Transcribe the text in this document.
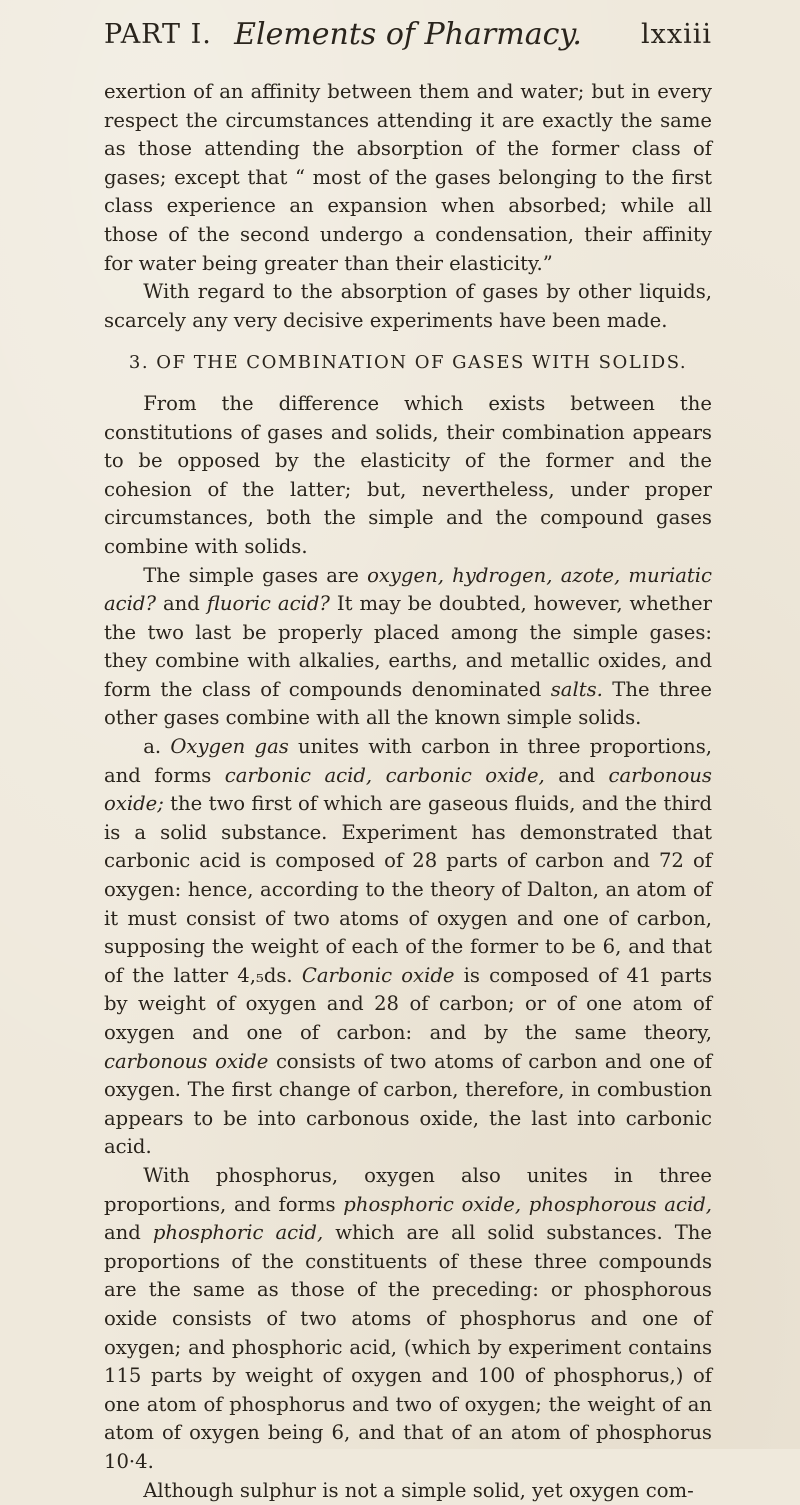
PART I. Elements of Pharmacy.	lxxiii

exertion of an affinity between them and water; but in every respect the circumstances attending it are exactly the same as those attending the absorption of the former class of gases; except that “ most of the gases belonging to the first class experience an expansion when absorbed; while all those of the second undergo a condensation, their affinity for water being greater than their elasticity.”

With regard to the absorption of gases by other liquids, scarcely any very decisive experiments have been made.

3. OF THE COMBINATION OF GASES WITH SOLIDS.

From the difference which exists between the constitutions of gases and solids, their combination appears to be opposed by the elasticity of the former and the cohesion of the latter; but, nevertheless, under proper circumstances, both the simple and the compound gases combine with solids.

The simple gases are oxygen, hydrogen, azote, muriatic acid? and fluoric acid? It may be doubted, however, whether the two last be properly placed among the simple gases: they combine with alkalies, earths, and metallic oxides, and form the class of compounds denominated salts. The three other gases combine with all the known simple solids.

a. Oxygen gas unites with carbon in three proportions, and forms carbonic acid, carbonic oxide, and carbonous oxide; the two first of which are gaseous fluids, and the third is a solid substance. Experiment has demonstrated that carbonic acid is composed of 28 parts of carbon and 72 of oxygen: hence, according to the theory of Dalton, an atom of it must consist of two atoms of oxygen and one of carbon, supposing the weight of each of the former to be 6, and that of the latter 4,₅ds. Carbonic oxide is composed of 41 parts by weight of oxygen and 28 of carbon; or of one atom of oxygen and one of carbon: and by the same theory, carbonous oxide consists of two atoms of carbon and one of oxygen. The first change of carbon, therefore, in combustion appears to be into carbonous oxide, the last into carbonic acid.

With phosphorus, oxygen also unites in three proportions, and forms phosphoric oxide, phosphorous acid, and phosphoric acid, which are all solid substances. The proportions of the constituents of these three compounds are the same as those of the preceding: or phosphorous oxide consists of two atoms of phosphorus and one of oxygen; and phosphoric acid, (which by experiment contains 115 parts by weight of oxygen and 100 of phosphorus,) of one atom of phosphorus and two of oxygen; the weight of an atom of oxygen being 6, and that of an atom of phosphorus 10·4.

Although sulphur is not a simple solid, yet oxygen com-
